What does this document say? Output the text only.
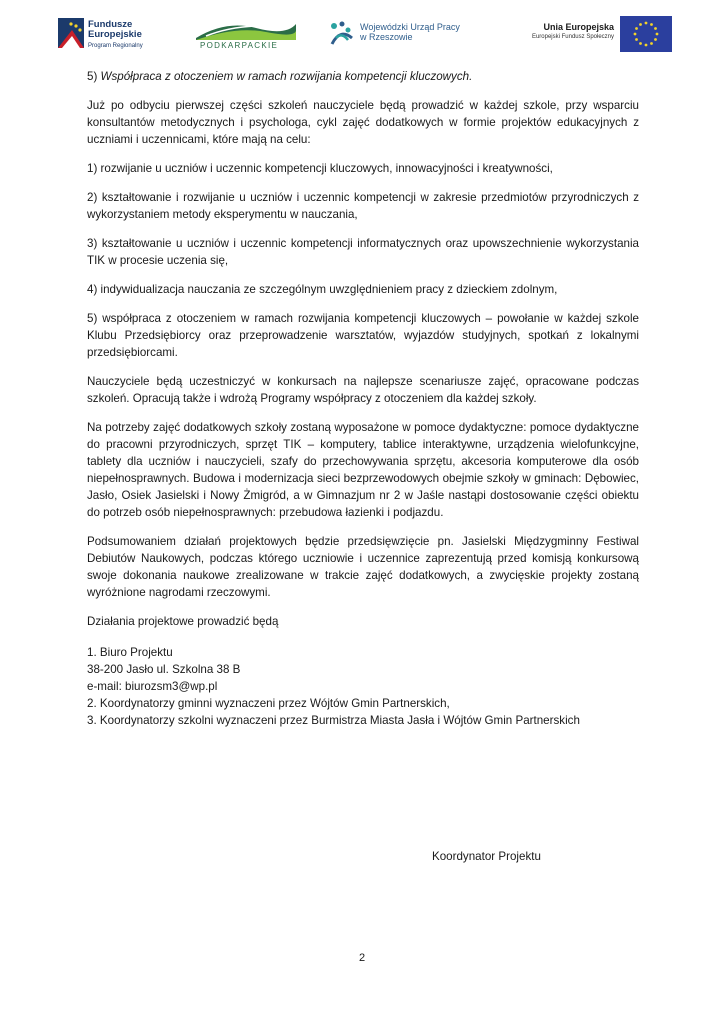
Fundusze
Europejskie
Program Regionalny	PODKARPACKIE
Wojewódzki Urząd Pracy
w Rzeszowie
Unia Europejska
Europejski Fundusz Społeczny

5) Współpraca z otoczeniem w ramach rozwijania kompetencji kluczowych.

Już po odbyciu pierwszej części szkoleń nauczyciele będą prowadzić w każdej szkole, przy wsparciu konsultantów metodycznych i psychologa, cykl zajęć dodatkowych w formie projektów edukacyjnych z uczniami i uczennicami, które mają na celu:

1) rozwijanie u uczniów i uczennic kompetencji kluczowych, innowacyjności i kreatywności,

2) kształtowanie i rozwijanie u uczniów i uczennic kompetencji w zakresie przedmiotów przyrodniczych z wykorzystaniem metody eksperymentu w nauczania,

3) kształtowanie u uczniów i uczennic kompetencji informatycznych oraz upowszechnienie wykorzystania TIK w procesie uczenia się,

4) indywidualizacja nauczania ze szczególnym uwzględnieniem pracy z dzieckiem zdolnym,

5) współpraca z otoczeniem w ramach rozwijania kompetencji kluczowych – powołanie w każdej szkole Klubu Przedsiębiorcy oraz przeprowadzenie warsztatów, wyjazdów studyjnych, spotkań z lokalnymi przedsiębiorcami.

Nauczyciele będą uczestniczyć w konkursach na najlepsze scenariusze zajęć, opracowane podczas szkoleń. Opracują także i wdrożą Programy współpracy z otoczeniem dla każdej szkoły.

Na potrzeby zajęć dodatkowych szkoły zostaną wyposażone w pomoce dydaktyczne: pomoce dydaktyczne do pracowni przyrodniczych, sprzęt TIK – komputery, tablice interaktywne, urządzenia wielofunkcyjne, tablety dla uczniów i nauczycieli, szafy do przechowywania sprzętu, akcesoria komputerowe dla osób niepełnosprawnych. Budowa i modernizacja sieci bezprzewodowych obejmie szkoły w gminach: Dębowiec, Jasło, Osiek Jasielski i Nowy Żmigród, a w Gimnazjum nr 2 w Jaśle nastąpi dostosowanie części obiektu do potrzeb osób niepełnosprawnych: przebudowa łazienki i podjazdu.

Podsumowaniem działań projektowych będzie przedsięwzięcie pn. Jasielski Międzygminny Festiwal Debiutów Naukowych, podczas którego uczniowie i uczennice zaprezentują przed komisją konkursową swoje dokonania naukowe zrealizowane w trakcie zajęć dodatkowych, a zwycięskie projekty zostaną wyróżnione nagrodami rzeczowymi.

Działania projektowe prowadzić będą

1. Biuro Projektu

38-200 Jasło ul. Szkolna 38 B

e-mail: biurozsm3@wp.pl

2. Koordynatorzy gminni wyznaczeni przez Wójtów Gmin Partnerskich,

3. Koordynatorzy szkolni wyznaczeni przez Burmistrza Miasta Jasła i Wójtów Gmin Partnerskich

Koordynator Projektu
2
